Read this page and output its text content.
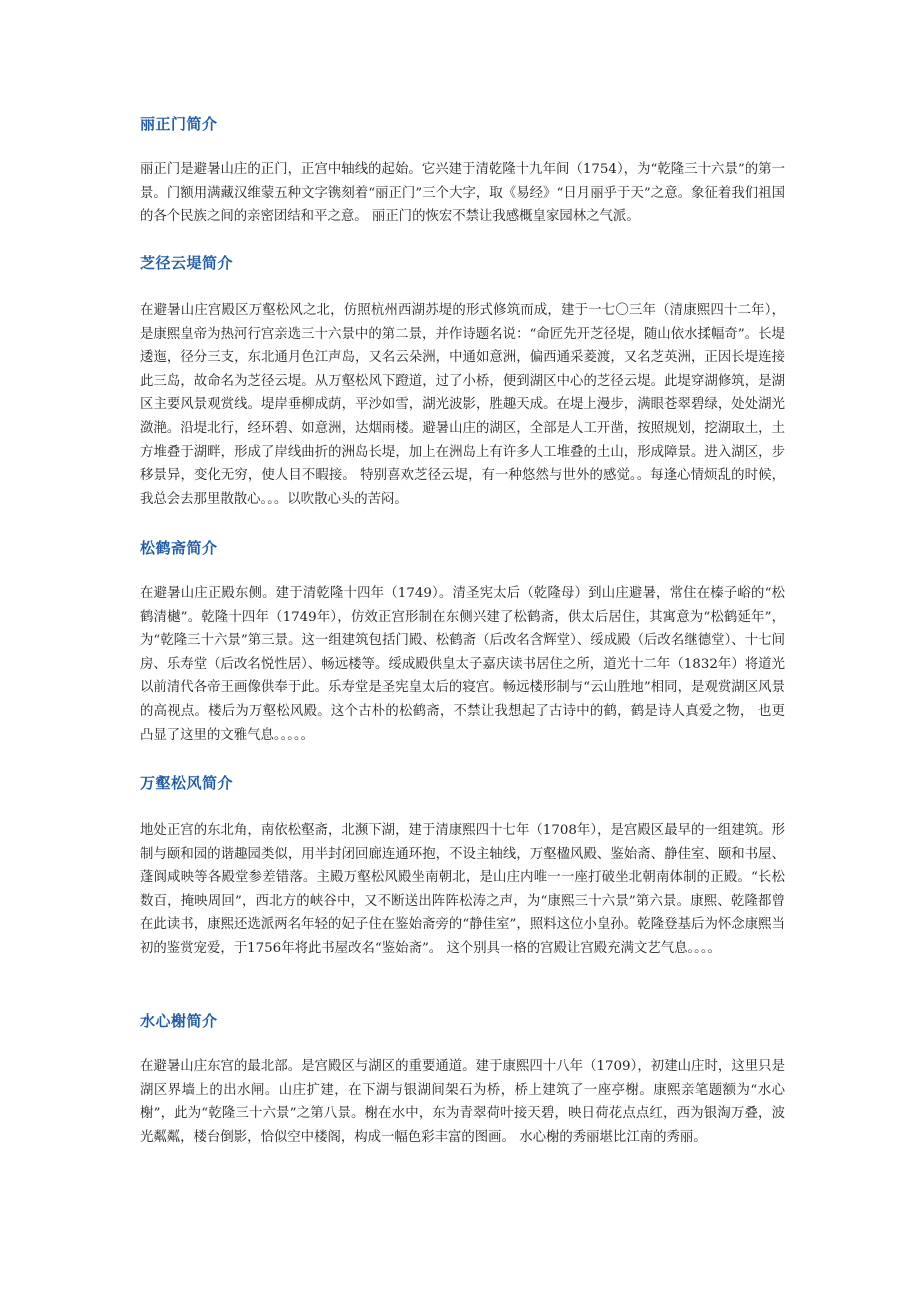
丽正门简介

丽正门是避暑山庄的正门，正宫中轴线的起始。它兴建于清乾隆十九年间（1754），为“乾隆三十六景”的第一景。门额用满藏汉维蒙五种文字镌刻着“丽正门”三个大字，取《易经》“日月丽乎于天”之意。象征着我们祖国的各个民族之间的亲密团结和平之意。 丽正门的恢宏不禁让我感概皇家园林之气派。

芝径云堤简介

在避暑山庄宫殿区万壑松风之北，仿照杭州西湖苏堤的形式修筑而成，建于一七〇三年（清康熙四十二年），是康熙皇帝为热河行宫亲选三十六景中的第二景，并作诗题名说：“命匠先开芝径堤，随山依水揉幅奇”。长堤逶迤，径分三支，东北通月色江声岛，又名云朵洲，中通如意洲，偏西通采菱渡，又名芝英洲，正因长堤连接此三岛，故命名为芝径云堤。从万壑松风下蹬道，过了小桥，便到湖区中心的芝径云堤。此堤穿湖修筑，是湖区主要风景观赏线。堤岸垂柳成荫，平沙如雪，湖光波影，胜趣天成。在堤上漫步，满眼苍翠碧绿，处处湖光潋滟。沿堤北行，经环碧、如意洲，达烟雨楼。避暑山庄的湖区，全部是人工开凿，按照规划，挖湖取土，土方堆叠于湖畔，形成了岸线曲折的洲岛长堤，加上在洲岛上有许多人工堆叠的土山，形成障景。进入湖区，步移景异，变化无穷，使人目不暇接。 特别喜欢芝径云堤，有一种悠然与世外的感觉。。每逢心情烦乱的时候，我总会去那里散散心。。。以吹散心头的苦闷。

松鹤斋简介

在避暑山庄正殿东侧。建于清乾隆十四年（1749）。清圣宪太后（乾隆母）到山庄避暑，常住在榛子峪的“松鹤清樾”。乾隆十四年（1749年），仿效正宫形制在东侧兴建了松鹤斋，供太后居住，其寓意为“松鹤延年”，为“乾隆三十六景”第三景。这一组建筑包括门殿、松鹤斋（后改名含辉堂）、绥成殿（后改名继德堂）、十七间房、乐寿堂（后改名悦性居）、畅远楼等。绥成殿供皇太子嘉庆读书居住之所，道光十二年（1832年）将道光以前清代各帝王画像供奉于此。乐寿堂是圣宪皇太后的寝宫。畅远楼形制与“云山胜地”相同，是观赏湖区风景的高视点。楼后为万壑松风殿。这个古朴的松鹤斋，不禁让我想起了古诗中的鹤，鹤是诗人真爱之物， 也更凸显了这里的文雅气息。。。。。

万壑松风简介

地处正宫的东北角，南依松壑斋，北濒下湖，建于清康熙四十七年（1708年），是宫殿区最早的一组建筑。形制与颐和园的谐趣园类似，用半封闭回廊连通环抱，不设主轴线，万壑楹风殿、鉴始斋、静佳室、颐和书屋、蓬阆咸映等各殿堂参差错落。主殿万壑松风殿坐南朝北，是山庄内唯一一座打破坐北朝南体制的正殿。“长松数百，掩映周回”，西北方的峡谷中，又不断送出阵阵松涛之声，为“康熙三十六景”第六景。康熙、乾隆都曾在此读书，康熙还选派两名年轻的妃子住在鉴始斋旁的“静佳室”，照料这位小皇孙。乾隆登基后为怀念康熙当初的鉴赏宠爱，于1756年将此书屋改名“鉴始斋”。 这个别具一格的宫殿让宫殿充满文艺气息。。。。

水心榭简介

在避暑山庄东宫的最北部。是宫殿区与湖区的重要通道。建于康熙四十八年（1709），初建山庄时，这里只是湖区界墙上的出水闸。山庄扩建，在下湖与银湖间架石为桥，桥上建筑了一座亭榭。康熙亲笔题额为“水心榭”，此为“乾隆三十六景”之第八景。榭在水中，东为青翠荷叶接天碧，映日荷花点点红，西为银淘万叠，波光粼粼，楼台倒影，恰似空中楼阁，构成一幅色彩丰富的图画。 水心榭的秀丽堪比江南的秀丽。
